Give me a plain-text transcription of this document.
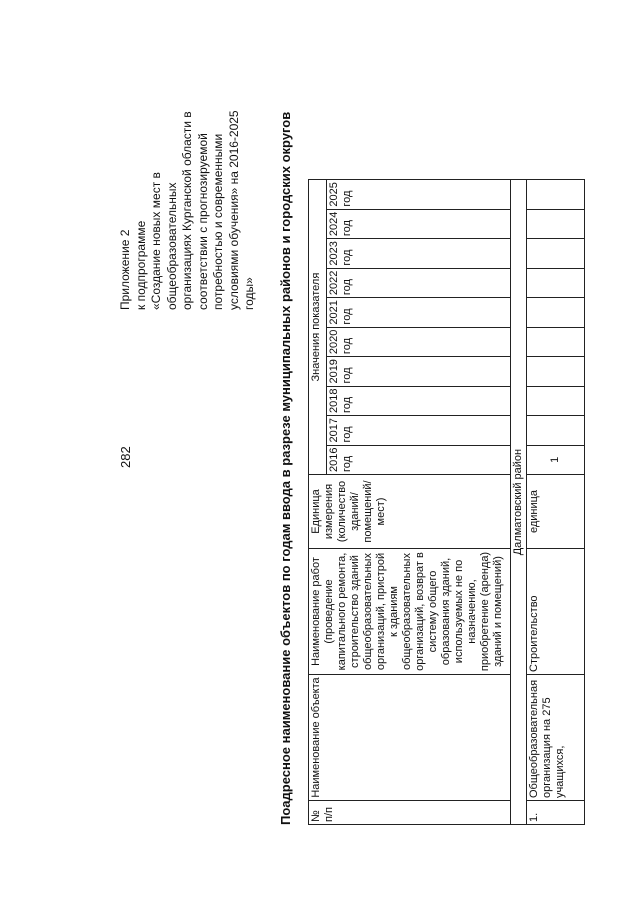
282
Приложение 2
к подпрограмме
«Создание новых мест в
общеобразовательных
организациях Курганской области в
соответствии с прогнозируемой
потребностью и современными
условиями обучения» на 2016-2025
годы» Поадресное наименование объектов по годам ввода в разрезе муниципальных районов и городских округов № п/п	Наименование объекта	Наименование работ (проведение капитального ремонта, строительство зданий общеобразовательных организаций, пристрой к зданиям общеобразовательных организаций, возврат в систему общего образования зданий, используемых не по назначению, приобретение (аренда) зданий и помещений)	Единица измерения (количество зданий/ помещений/ мест)	Значения показателя									
				2016 год	2017 год	2018 год	2019 год	2020 год	2021 год	2022 год	2023 год	2024 год	2025 год
Далматовский район													
1.	Общеобразовательная организация на 275 учащихся,	Строительство	единица	1									
